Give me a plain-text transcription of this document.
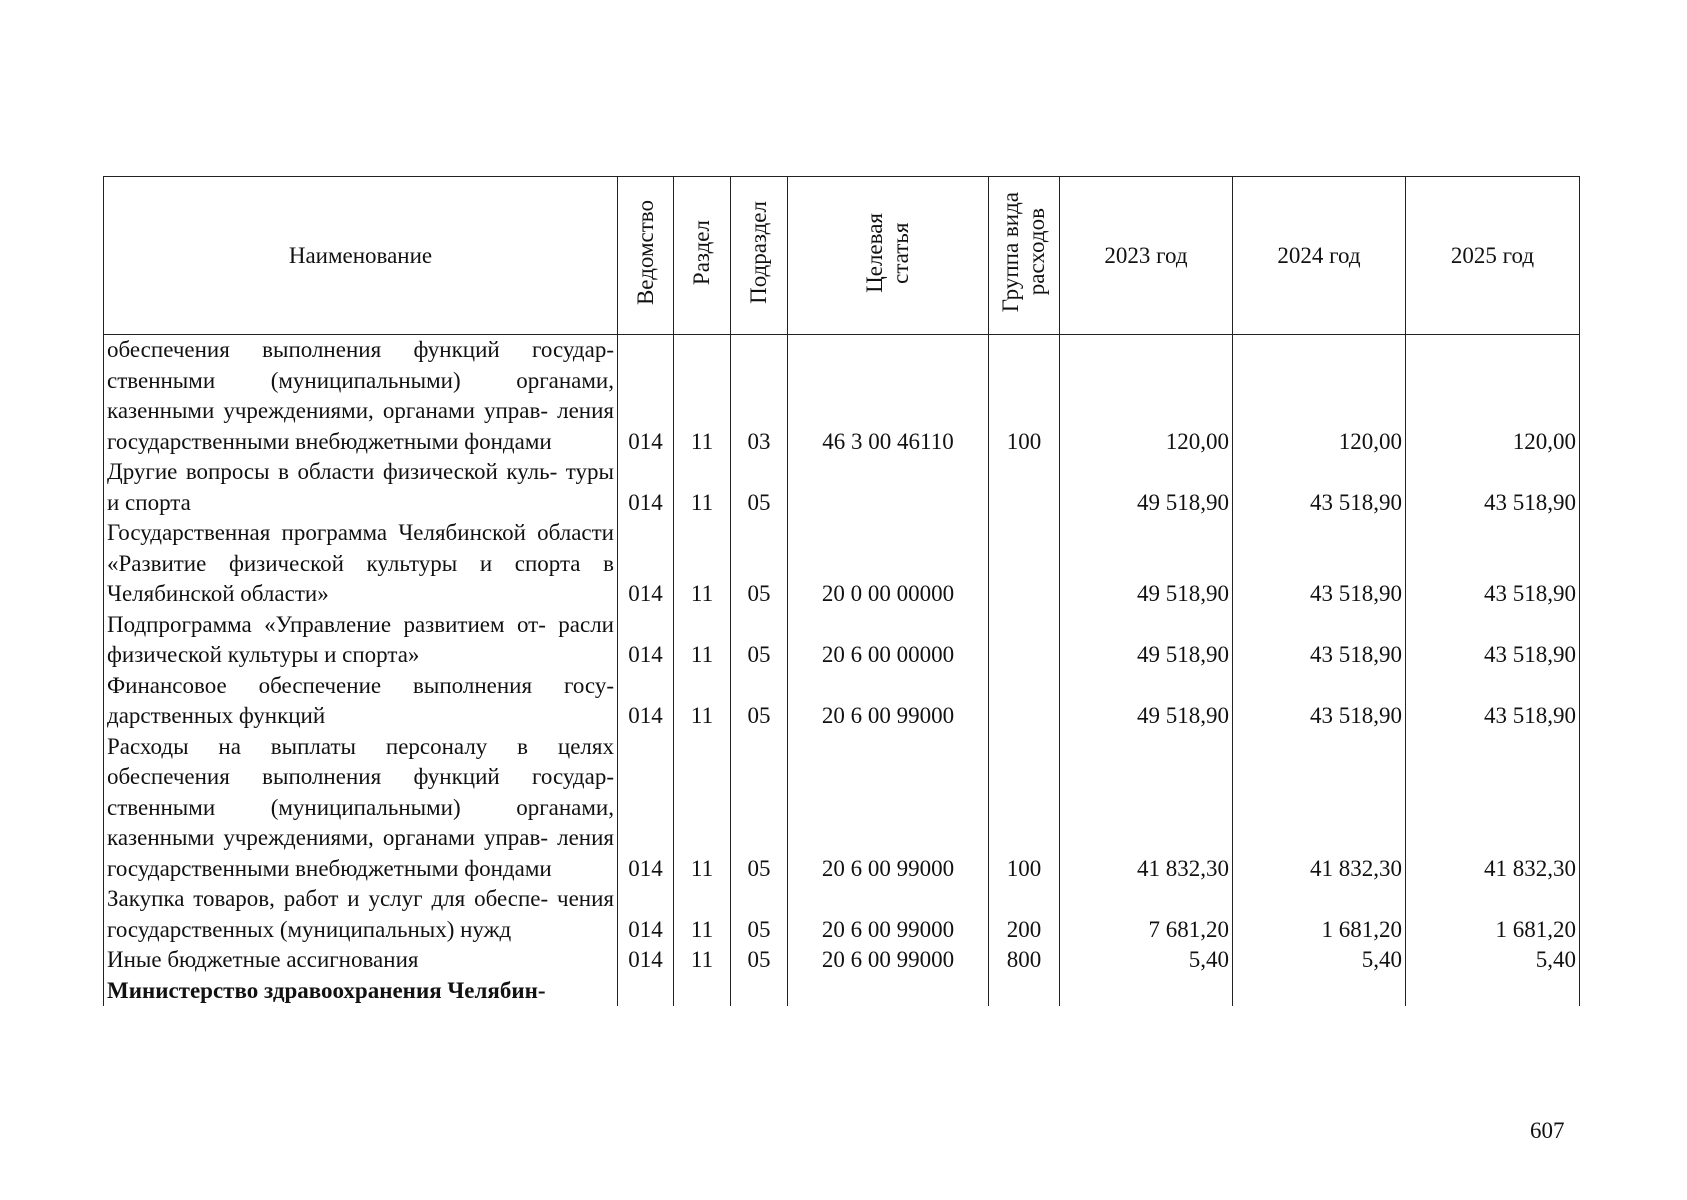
Наименование	Ведомство	Раздел	Подраздел	Целевая статья	Группа вида расходов	2023 год	2024 год	2025 год
обеспечения выполнения функций государ- ственными (муниципальными) органами, казенными учреждениями, органами управ- ления государственными внебюджетными фондами	014	11	03	46 3 00 46110	100	120,00	120,00	120,00
Другие вопросы в области физической куль- туры и спорта	014	11	05			49 518,90	43 518,90	43 518,90
Государственная программа Челябинской области «Развитие физической культуры и спорта в Челябинской области»	014	11	05	20 0 00 00000		49 518,90	43 518,90	43 518,90
Подпрограмма «Управление развитием от- расли физической культуры и спорта»	014	11	05	20 6 00 00000		49 518,90	43 518,90	43 518,90
Финансовое обеспечение выполнения госу- дарственных функций	014	11	05	20 6 00 99000		49 518,90	43 518,90	43 518,90
Расходы на выплаты персоналу в целях обеспечения выполнения функций государ- ственными (муниципальными) органами, казенными учреждениями, органами управ- ления государственными внебюджетными фондами	014	11	05	20 6 00 99000	100	41 832,30	41 832,30	41 832,30
Закупка товаров, работ и услуг для обеспе- чения государственных (муниципальных) нужд	014	11	05	20 6 00 99000	200	7 681,20	1 681,20	1 681,20
Иные бюджетные ассигнования	014	11	05	20 6 00 99000	800	5,40	5,40	5,40
Министерство здравоохранения Челябин-								
607
